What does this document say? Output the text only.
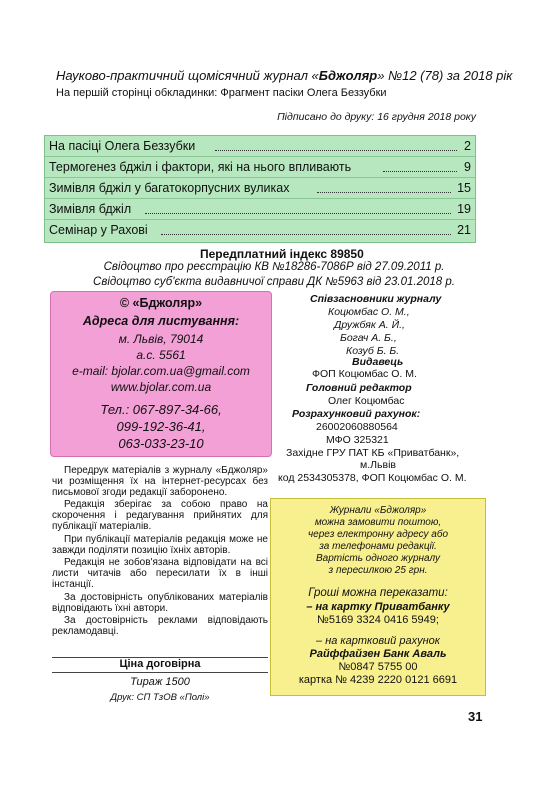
Науково-практичний щомісячний журнал «Бджоляр» №12 (78) за 2018 рік
На першій сторінці обкладинки: Фрагмент пасіки Олега Беззубки
Підписано до друку: 16 грудня 2018 року
На пасіці Олега Беззубки	2
Термогенез бджіл і фактори, які на нього впливають	9
Зимівля бджіл у багатокорпусних вуликах	15
Зимівля бджіл	19
Семінар у Рахові	21
Передплатний індекс 89850
Свідоцтво про реєстрацію КВ №18286-7086Р від 27.09.2011 р.
Свідоцтво суб'єкта видавничої справи ДК №5963 від 23.01.2018 р.
© «Бджоляр»
Адреса для листування:
м. Львів, 79014
а.с. 5561
e-mail: bjolar.com.ua@gmail.com
www.bjolar.com.ua
Тел.: 067-897-34-66,
099-192-36-41,
063-033-23-10
Співзасновники журналу
Коцюмбас О. М.,
Дружбяк А. Й.,
Богач А. Б.,
Козуб Б. Б.
Видавець
ФОП Коцюмбас О. М.
Головний редактор
Олег Коцюмбас
Розрахунковий рахунок:
26002060880564
МФО 325321
Західне ГРУ ПАТ КБ «Приватбанк»,
м.Львів
код 2534305378, ФОП Коцюмбас О. М.

Передрук матеріалів з журналу «Бджоляр» чи розміщення їх на інтернет-ресурсах без письмової згоди редакції заборонено.

Редакція зберігає за собою право на скорочення і редагування прийнятих для публікації матеріалів.

При публікації матеріалів редакція може не завжди поділяти позицію їхніх авторів.

Редакція не зобов'язана відповідати на всі листи читачів або пересилати їх в інші інстанції.

За достовірність опублікованих матеріалів відповідають їхні автори.

За достовірність реклами відповідають рекламодавці.

Ціна договірна
Тираж 1500
Друк: СП ТзОВ «Полі»
Журнали «Бджоляр»
можна замовити поштою,
через електронну адресу або
за телефонами редакції.
Вартість одного журналу
з пересилкою 25 грн.
Гроші можна переказати:
– на картку Приватбанку
№5169 3324 0416 5949;
– на картковий рахунок
Райффайзен Банк Аваль
№0847 5755 00
картка № 4239 2220 0121 6691
31
